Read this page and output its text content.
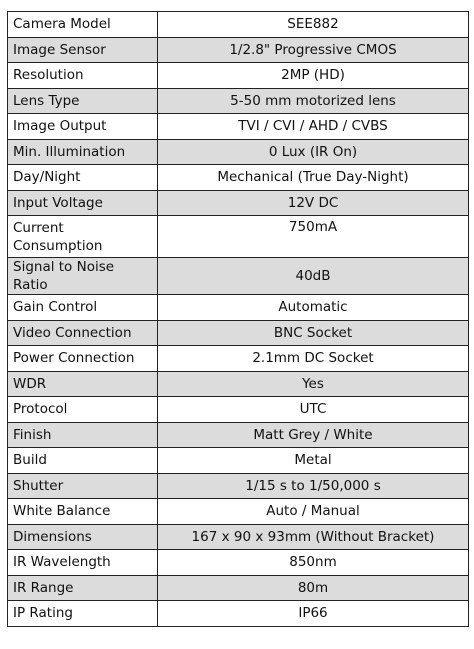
Camera Model	SEE882
Image Sensor	1/2.8" Progressive CMOS
Resolution	2MP (HD)
Lens Type	5-50 mm motorized lens
Image Output	TVI / CVI / AHD / CVBS
Min. Illumination	0 Lux (IR On)
Day/Night	Mechanical (True Day-Night)
Input Voltage	12V DC
Current Consumption	750mA
Signal to Noise Ratio	40dB
Gain Control	Automatic
Video Connection	BNC Socket
Power Connection	2.1mm DC Socket
WDR	Yes
Protocol	UTC
Finish	Matt Grey / White
Build	Metal
Shutter	1/15 s to 1/50,000 s
White Balance	Auto / Manual
Dimensions	167 x 90 x 93mm (Without Bracket)
IR Wavelength	850nm
IR Range	80m
IP Rating	IP66
